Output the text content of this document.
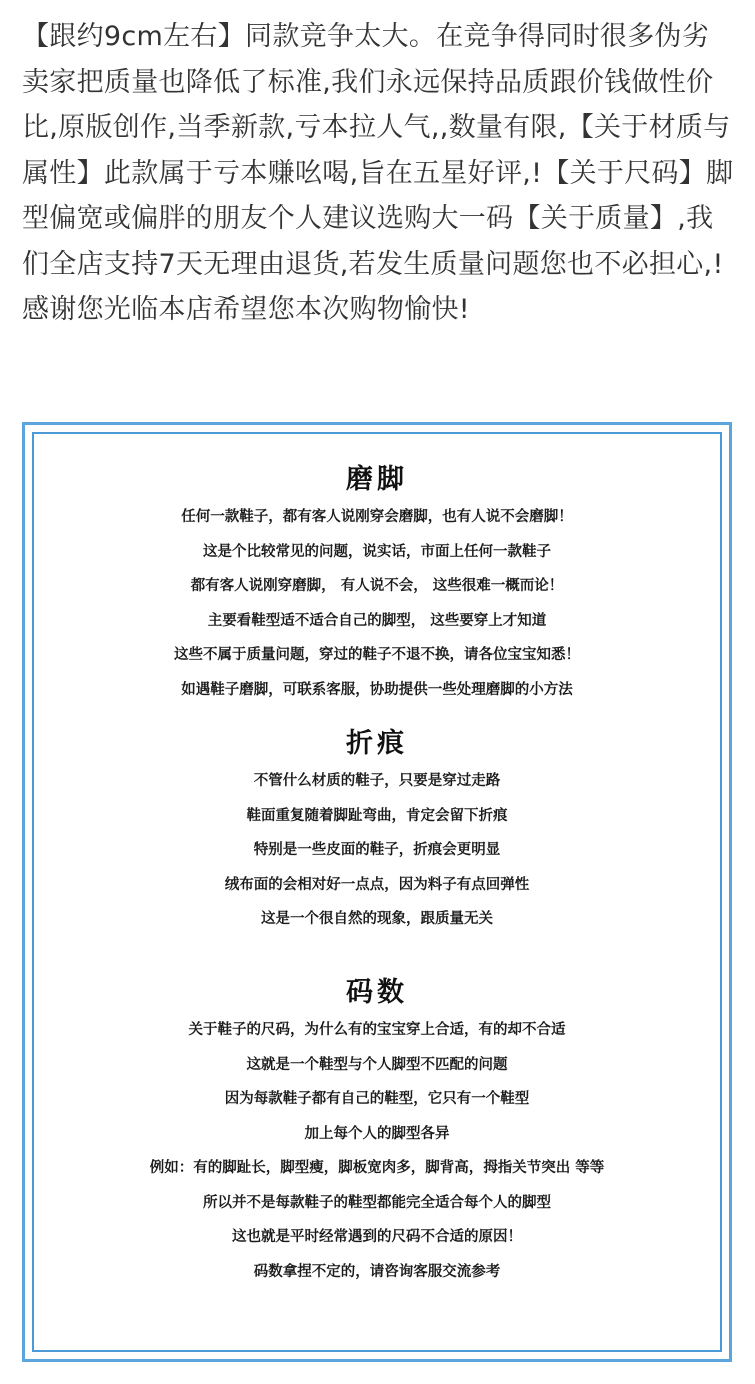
【跟约9cm左右】同款竞争太大。在竞争得同时很多伪劣卖家把质量也降低了标准,我们永远保持品质跟价钱做性价比,原版创作,当季新款,亏本拉人气,,数量有限,【关于材质与属性】此款属于亏本赚吆喝,旨在五星好评,!【关于尺码】脚型偏宽或偏胖的朋友个人建议选购大一码【关于质量】,我们全店支持7天无理由退货,若发生质量问题您也不必担心,!感谢您光临本店希望您本次购物愉快!
磨脚
任何一款鞋子，都有客人说刚穿会磨脚，也有人说不会磨脚！
这是个比较常见的问题，说实话，市面上任何一款鞋子
都有客人说刚穿磨脚， 有人说不会， 这些很难一概而论！
主要看鞋型适不适合自己的脚型， 这些要穿上才知道
这些不属于质量问题，穿过的鞋子不退不换，请各位宝宝知悉！
如遇鞋子磨脚，可联系客服，协助提供一些处理磨脚的小方法
折痕
不管什么材质的鞋子，只要是穿过走路
鞋面重复随着脚趾弯曲，肯定会留下折痕
特别是一些皮面的鞋子，折痕会更明显
绒布面的会相对好一点点，因为料子有点回弹性
这是一个很自然的现象，跟质量无关
码数
关于鞋子的尺码，为什么有的宝宝穿上合适，有的却不合适
这就是一个鞋型与个人脚型不匹配的问题
因为每款鞋子都有自己的鞋型，它只有一个鞋型
加上每个人的脚型各异
例如：有的脚趾长，脚型瘦，脚板宽肉多，脚背高，拇指关节突出 等等
所以并不是每款鞋子的鞋型都能完全适合每个人的脚型
这也就是平时经常遇到的尺码不合适的原因！
码数拿捏不定的，请咨询客服交流参考
